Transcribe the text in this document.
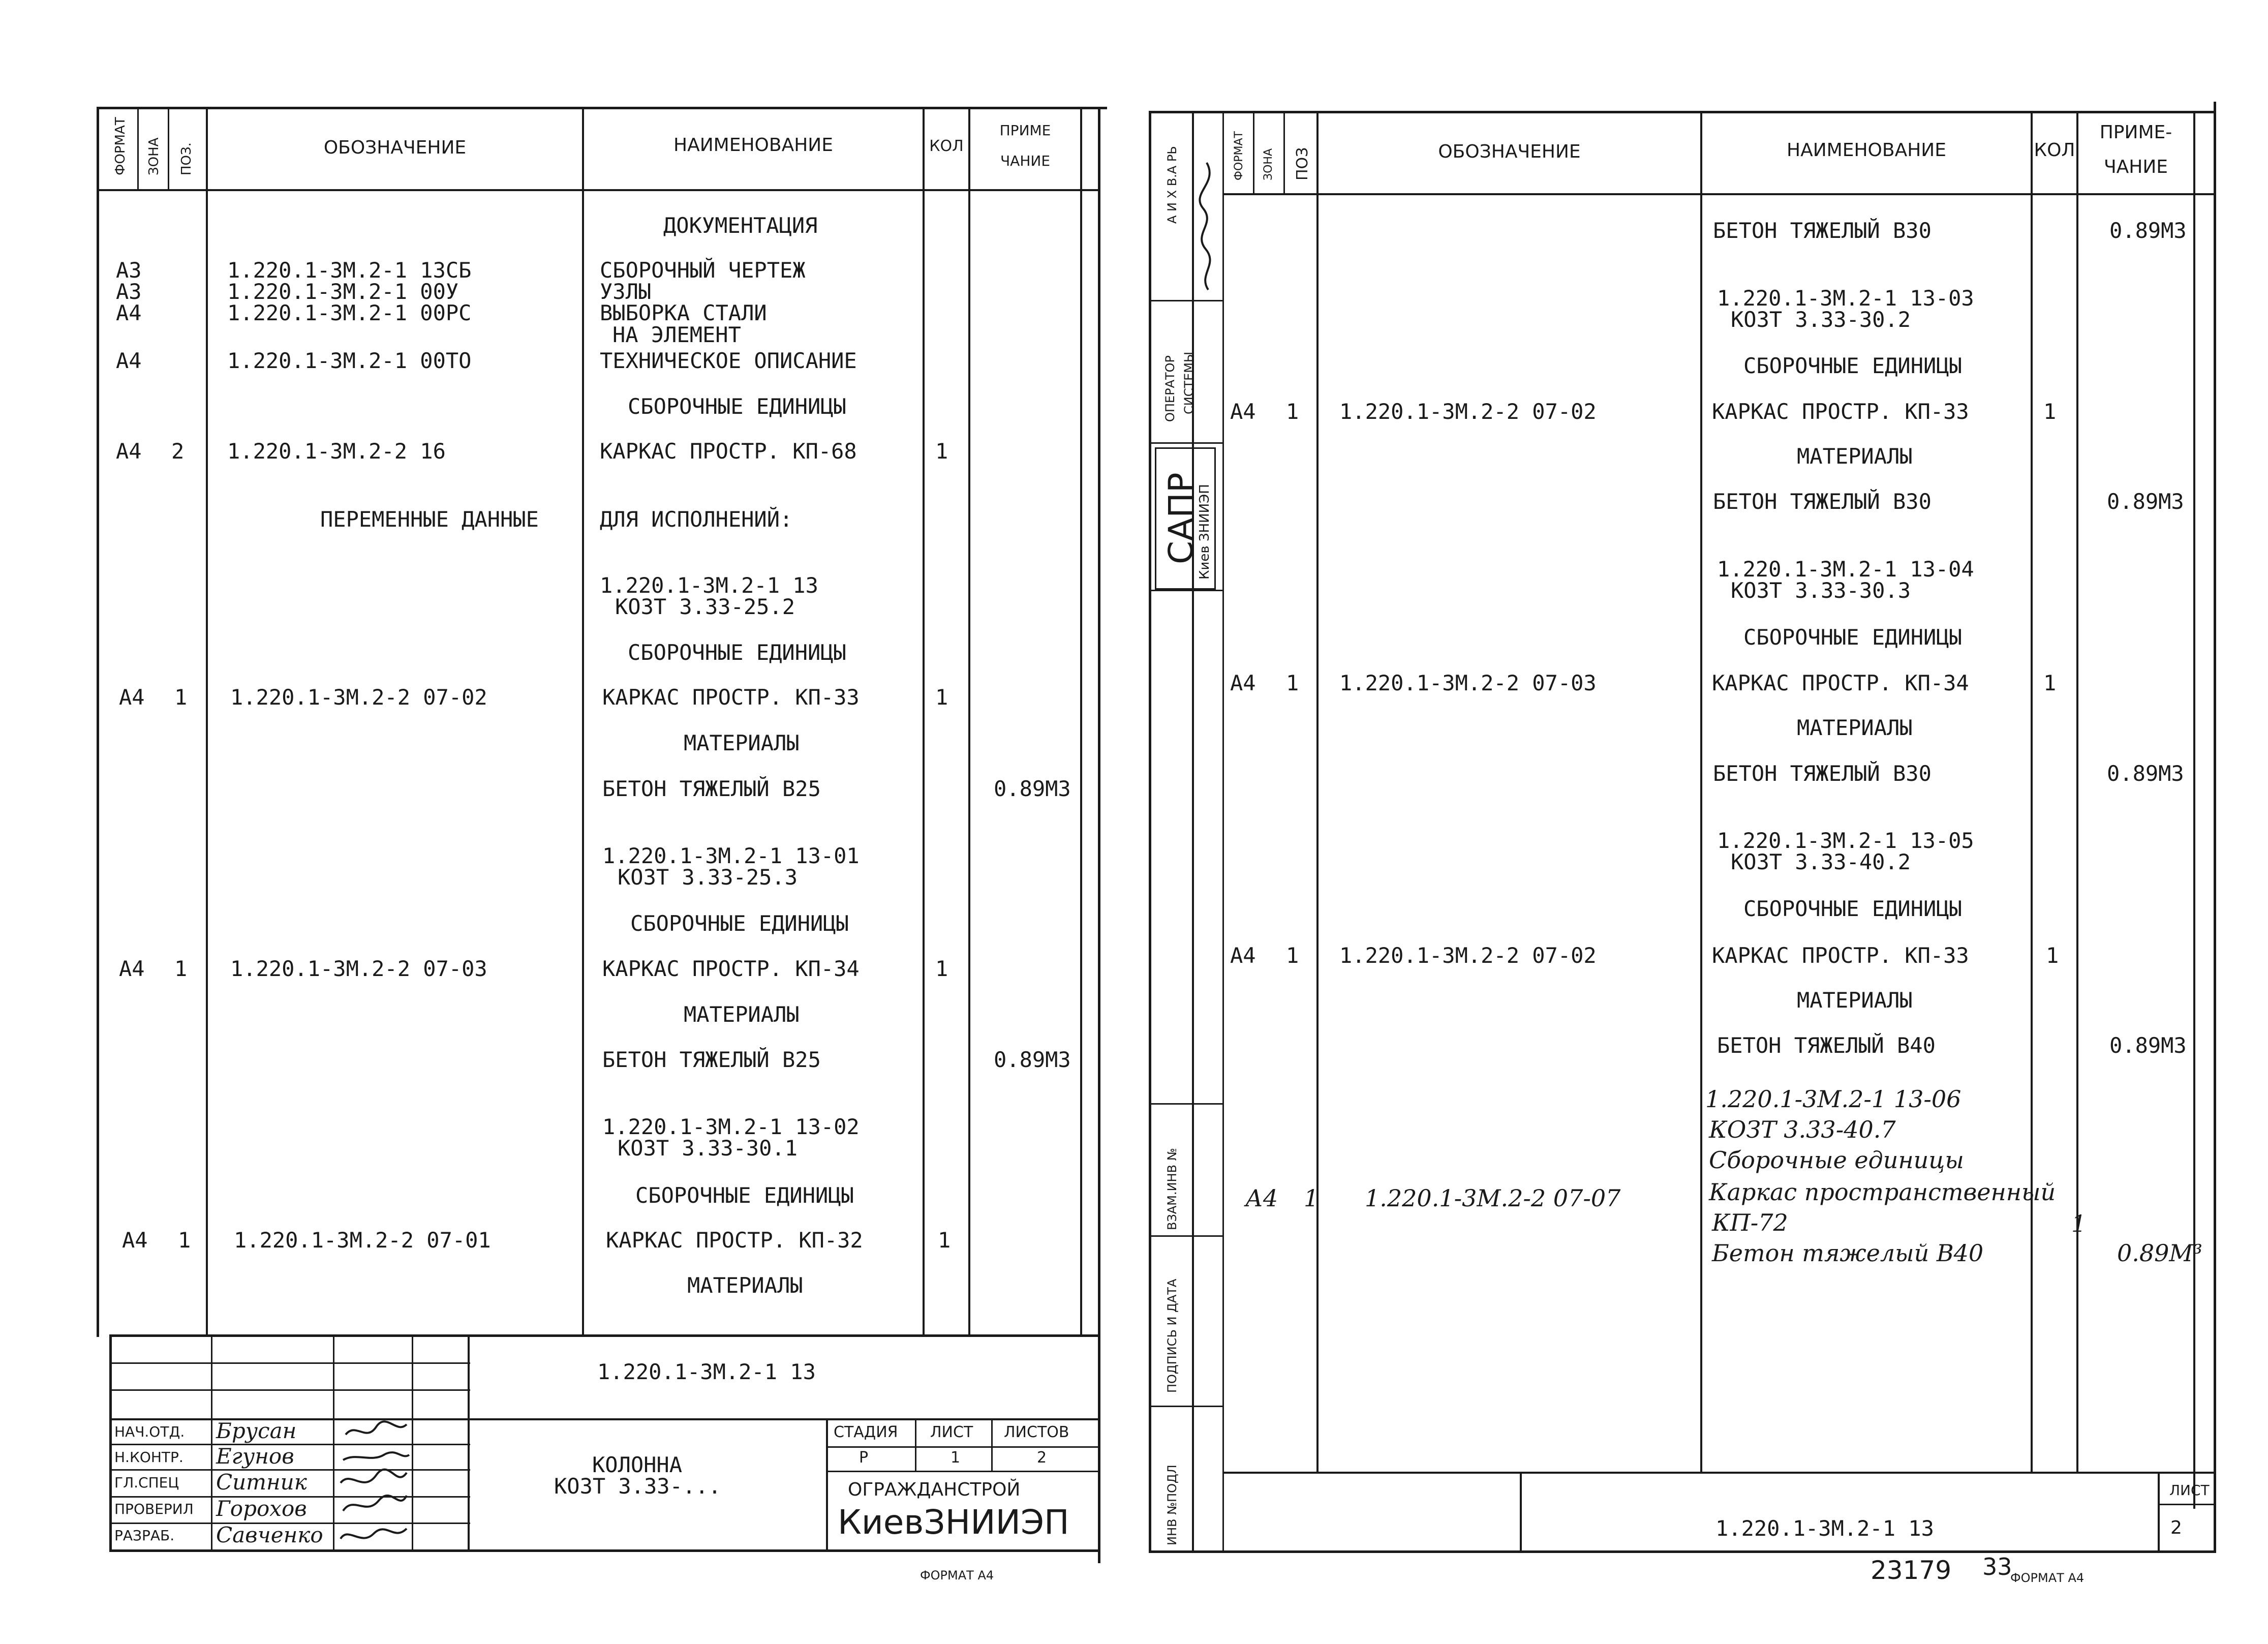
ФОРМАТ ЗОНА ПОЗ.	ОБОЗНАЧЕНИЕ	НАИМЕНОВАНИЕ	КОЛ
ПРИМЕ
ЧАНИЕ
ДОКУМЕНТАЦИЯ
А3	1.220.1-3М.2-1 13СБ	СБОРОЧНЫЙ ЧЕРТЕЖ
А3	1.220.1-3М.2-1 00У	УЗЛЫ
А4	1.220.1-3М.2-1 00РС	ВЫБОРКА СТАЛИ
НА ЭЛЕМЕНТ
А4	1.220.1-3М.2-1 00ТО	ТЕХНИЧЕСКОЕ ОПИСАНИЕ
СБОРОЧНЫЕ ЕДИНИЦЫ
А4 2 1.220.1-3М.2-2 16	КАРКАС ПРОСТР. КП-68	1
ПЕРЕМЕННЫЕ ДАННЫЕ	ДЛЯ ИСПОЛНЕНИЙ:
1.220.1-3М.2-1 13
КОЗТ 3.33-25.2
СБОРОЧНЫЕ ЕДИНИЦЫ
А4 1 1.220.1-3М.2-2 07-02	КАРКАС ПРОСТР. КП-33	1
МАТЕРИАЛЫ
БЕТОН ТЯЖЕЛЫЙ В25	0.89М3
1.220.1-3М.2-1 13-01
КОЗТ 3.33-25.3
СБОРОЧНЫЕ ЕДИНИЦЫ
А4 1 1.220.1-3М.2-2 07-03	КАРКАС ПРОСТР. КП-34	1
МАТЕРИАЛЫ
БЕТОН ТЯЖЕЛЫЙ В25	0.89М3
1.220.1-3М.2-1 13-02
КОЗТ 3.33-30.1
СБОРОЧНЫЕ ЕДИНИЦЫ
А4 1 1.220.1-3М.2-2 07-01	КАРКАС ПРОСТР. КП-32	1
МАТЕРИАЛЫ
1.220.1-3М.2-1 13
НАЧ.ОТД.
Н.КОНТР.
ГЛ.СПЕЦ
ПРОВЕРИЛ
РАЗРАБ.
Брусан
Егунов
Ситник
Горохов
Савченко
КОЛОННА
КОЗТ 3.33-...
СТАДИЯ ЛИСТ ЛИСТОВ
Р	1	2
ОГРАЖДАНСТРОЙ
КиевЗНИИЭП
ФОРМАТ А4
А И Х В.А РЬ
ОПЕРАТОР СИСТЕМЫ
САПР
Киев ЗНИИЭП
ВЗАМ.ИНВ №
ПОДПИСЬ И ДАТА
ИНВ №ПОДЛ
ФОРМАТ ЗОНА ПОЗ	ОБОЗНАЧЕНИЕ	НАИМЕНОВАНИЕ	КОЛ
ПРИМЕ-
ЧАНИЕ
БЕТОН ТЯЖЕЛЫЙ В30	0.89М3
1.220.1-3М.2-1 13-03
КОЗТ 3.33-30.2
СБОРОЧНЫЕ ЕДИНИЦЫ
А4 1 1.220.1-3М.2-2 07-02	КАРКАС ПРОСТР. КП-33	1
МАТЕРИАЛЫ
БЕТОН ТЯЖЕЛЫЙ В30	0.89М3
1.220.1-3М.2-1 13-04
КОЗТ 3.33-30.3
СБОРОЧНЫЕ ЕДИНИЦЫ
А4 1 1.220.1-3М.2-2 07-03	КАРКАС ПРОСТР. КП-34	1
МАТЕРИАЛЫ
БЕТОН ТЯЖЕЛЫЙ В30	0.89М3
1.220.1-3М.2-1 13-05
КОЗТ 3.33-40.2
СБОРОЧНЫЕ ЕДИНИЦЫ
А4 1 1.220.1-3М.2-2 07-02	КАРКАС ПРОСТР. КП-33	1
МАТЕРИАЛЫ
БЕТОН ТЯЖЕЛЫЙ В40	0.89М3
1.220.1-3М.2-1 13-06
КОЗТ 3.33-40.7
Сборочные единицы
А4 1 1.220.1-3М.2-2 07-07	Каркас пространственный
КП-72	1
Бетон тяжелый В40	0.89М³
1.220.1-3М.2-1 13
ЛИСТ
2
23179 33
ФОРМАТ А4
